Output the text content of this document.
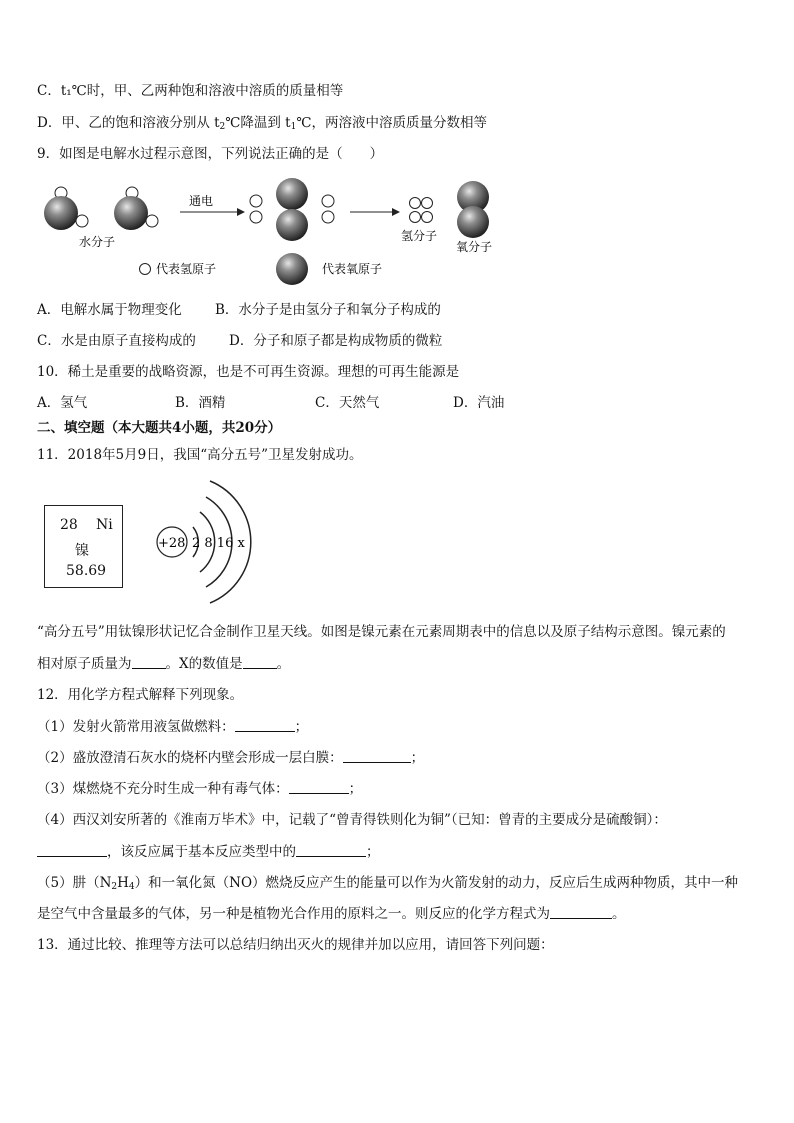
C．t₁℃时，甲、乙两种饱和溶液中溶质的质量相等
D．甲、乙的饱和溶液分别从 $t_2℃$降温到 $t_1℃$，两溶液中溶质质量分数相等
9．如图是电解水过程示意图，下列说法正确的是（　　）
水分子
通电
氢分子
氧分子
代表氢原子	代表氧原子
A．电解水属于物理变化 B．水分子是由氢分子和氧分子构成的
C．水是由原子直接构成的 D．分子和原子都是构成物质的微粒
10．稀土是重要的战略资源，也是不可再生资源。理想的可再生能源是
A．氢气	B．酒精	C．天然气	D．汽油
二、填空题（本大题共4小题，共20分）
11．2018年5月9日，我国“高分五号”卫星发射成功。
28 Ni
镍
58.69
+28 2 8 16 x
“高分五号”用钛镍形状记忆合金制作卫星天线。如图是镍元素在元素周期表中的信息以及原子结构示意图。镍元素的
相对原子质量为	。X的数值是	。
12．用化学方程式解释下列现象。
（1）发射火箭常用液氢做燃料：	；
（2）盛放澄清石灰水的烧杯内壁会形成一层白膜：	；
（3）煤燃烧不充分时生成一种有毒气体：	；
（4）西汉刘安所著的《淮南万毕术》中，记载了“曾青得铁则化为铜”（已知：曾青的主要成分是硫酸铜）：
，该反应属于基本反应类型中的	；
（5）肼$(N_2H_4)$和一氧化氮（NO）燃烧反应产生的能量可以作为火箭发射的动力，反应后生成两种物质，其中一种
是空气中含量最多的气体，另一种是植物光合作用的原料之一。则反应的化学方程式为	。
13．通过比较、推理等方法可以总结归纳出灭火的规律并加以应用，请回答下列问题：
